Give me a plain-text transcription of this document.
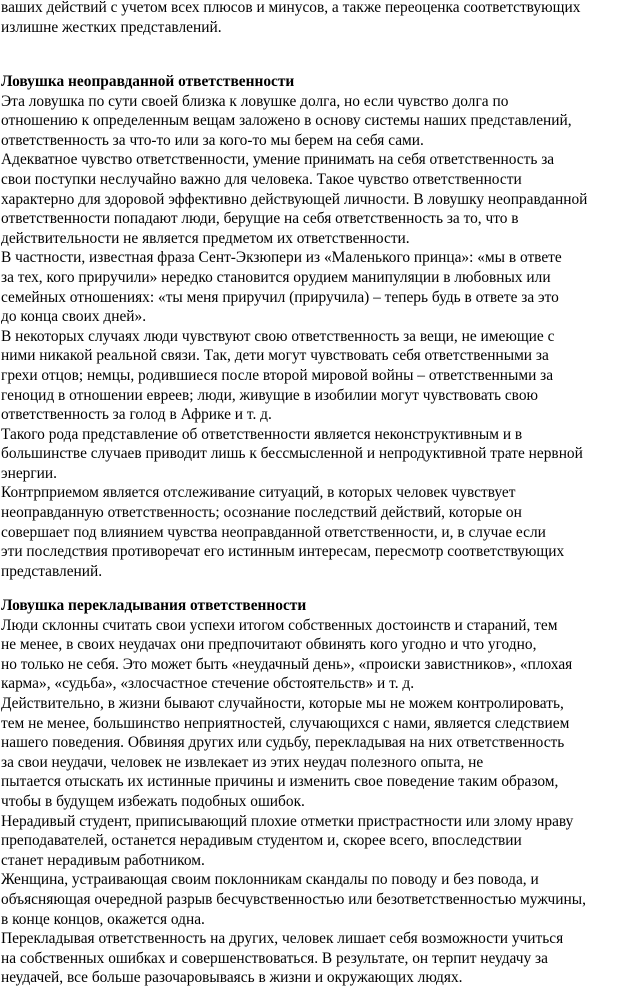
ваших действий с учетом всех плюсов и минусов, а также переоценка соответствующих
излишне жестких представлений.
Ловушка неоправданной ответственности
Эта ловушка по сути своей близка к ловушке долга, но если чувство долга по
отношению к определенным вещам заложено в основу системы наших представлений,
ответственность за что-то или за кого-то мы берем на себя сами.
Адекватное чувство ответственности, умение принимать на себя ответственность за
свои поступки неслучайно важно для человека. Такое чувство ответственности
характерно для здоровой эффективно действующей личности. В ловушку неоправданной
ответственности попадают люди, берущие на себя ответственность за то, что в
действительности не является предметом их ответственности.
В частности, известная фраза Сент-Экзюпери из «Маленького принца»: «мы в ответе
за тех, кого приручили» нередко становится орудием манипуляции в любовных или
семейных отношениях: «ты меня приручил (приручила) – теперь будь в ответе за это
до конца своих дней».
В некоторых случаях люди чувствуют свою ответственность за вещи, не имеющие с
ними никакой реальной связи. Так, дети могут чувствовать себя ответственными за
грехи отцов; немцы, родившиеся после второй мировой войны – ответственными за
геноцид в отношении евреев; люди, живущие в изобилии могут чувствовать свою
ответственность за голод в Африке и т. д.
Такого рода представление об ответственности является неконструктивным и в
большинстве случаев приводит лишь к бессмысленной и непродуктивной трате нервной
энергии.
Контрприемом является отслеживание ситуаций, в которых человек чувствует
неоправданную ответственность; осознание последствий действий, которые он
совершает под влиянием чувства неоправданной ответственности, и, в случае если
эти последствия противоречат его истинным интересам, пересмотр соответствующих
представлений.
Ловушка перекладывания ответственности
Люди склонны считать свои успехи итогом собственных достоинств и стараний, тем
не менее, в своих неудачах они предпочитают обвинять кого угодно и что угодно,
но только не себя. Это может быть «неудачный день», «происки завистников», «плохая
карма», «судьба», «злосчастное стечение обстоятельств» и т. д.
Действительно, в жизни бывают случайности, которые мы не можем контролировать,
тем не менее, большинство неприятностей, случающихся с нами, является следствием
нашего поведения. Обвиняя других или судьбу, перекладывая на них ответственность
за свои неудачи, человек не извлекает из этих неудач полезного опыта, не
пытается отыскать их истинные причины и изменить свое поведение таким образом,
чтобы в будущем избежать подобных ошибок.
Нерадивый студент, приписывающий плохие отметки пристрастности или злому нраву
преподавателей, останется нерадивым студентом и, скорее всего, впоследствии
станет нерадивым работником.
Женщина, устраивающая своим поклонникам скандалы по поводу и без повода, и
объясняющая очередной разрыв бесчувственностью или безответственностью мужчины,
в конце концов, окажется одна.
Перекладывая ответственность на других, человек лишает себя возможности учиться
на собственных ошибках и совершенствоваться. В результате, он терпит неудачу за
неудачей, все больше разочаровываясь в жизни и окружающих людях.
